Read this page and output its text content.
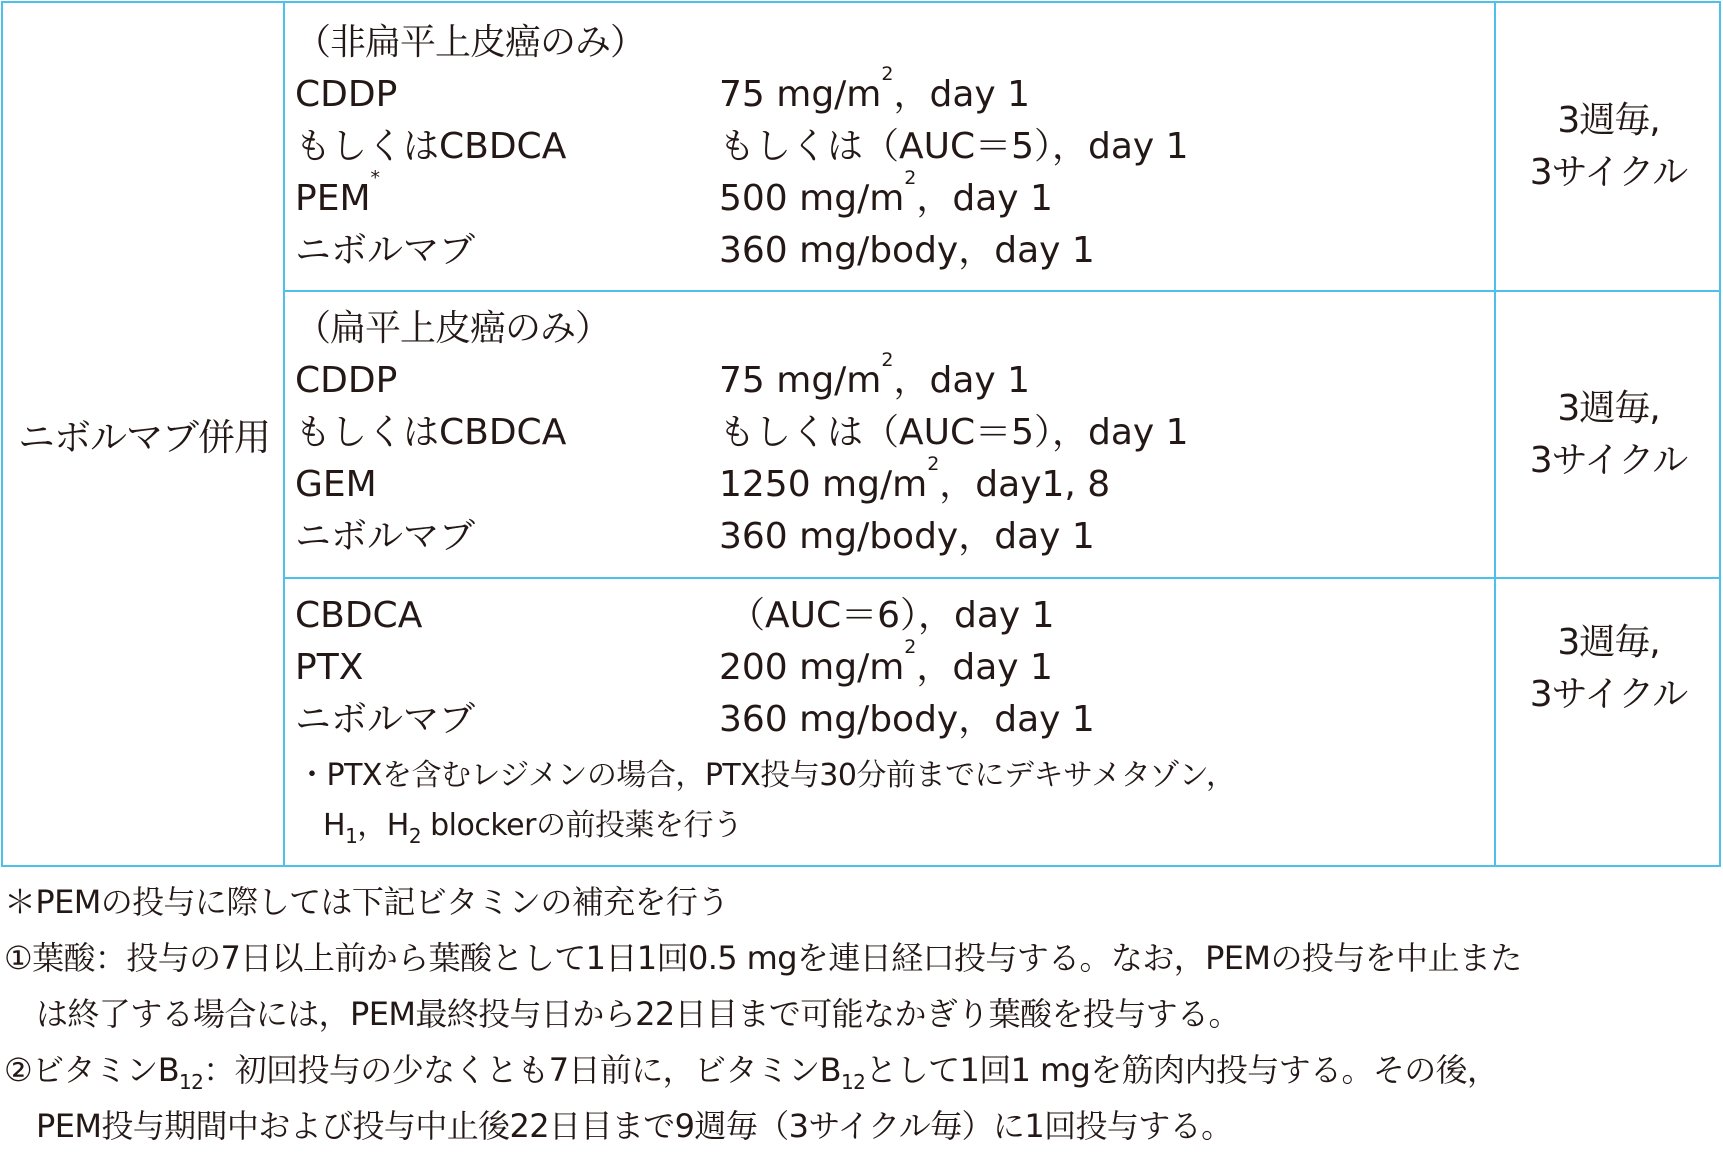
ニボルマブ併用
（非扁平上皮癌のみ）
CDDP	75 $mg/m^2$，day 1
もしくはCBDCA	もしくは（AUC＝5），day 1
PEM*	500 $mg/m^2$，day 1
ニボルマブ	360 mg/body，day 1
3週毎,
3サイクル
（扁平上皮癌のみ）
CDDP	75 $mg/m^2$，day 1
もしくはCBDCA	もしくは（AUC＝5），day 1
GEM	1250 $mg/m^2$，day1, 8
ニボルマブ	360 mg/body，day 1
3週毎,
3サイクル
CBDCA	（AUC＝6），day 1
PTX	200 $mg/m^2$，day 1
ニボルマブ	360 mg/body，day 1
・PTXを含むレジメンの場合，PTX投与30分前までにデキサメタゾン，
$H_1$，$H_2$ blockerの前投薬を行う
3週毎,
3サイクル
＊PEMの投与に際しては下記ビタミンの補充を行う
①葉酸：投与の7日以上前から葉酸として1日1回0.5 mgを連日経口投与する。なお，PEMの投与を中止また
は終了する場合には，PEM最終投与日から22日目まで可能なかぎり葉酸を投与する。
②ビタミン$B_{12}$：初回投与の少なくとも7日前に，ビタミン$B_{12}$として1回1 mgを筋肉内投与する。その後，
PEM投与期間中および投与中止後22日目まで9週毎（3サイクル毎）に1回投与する。
